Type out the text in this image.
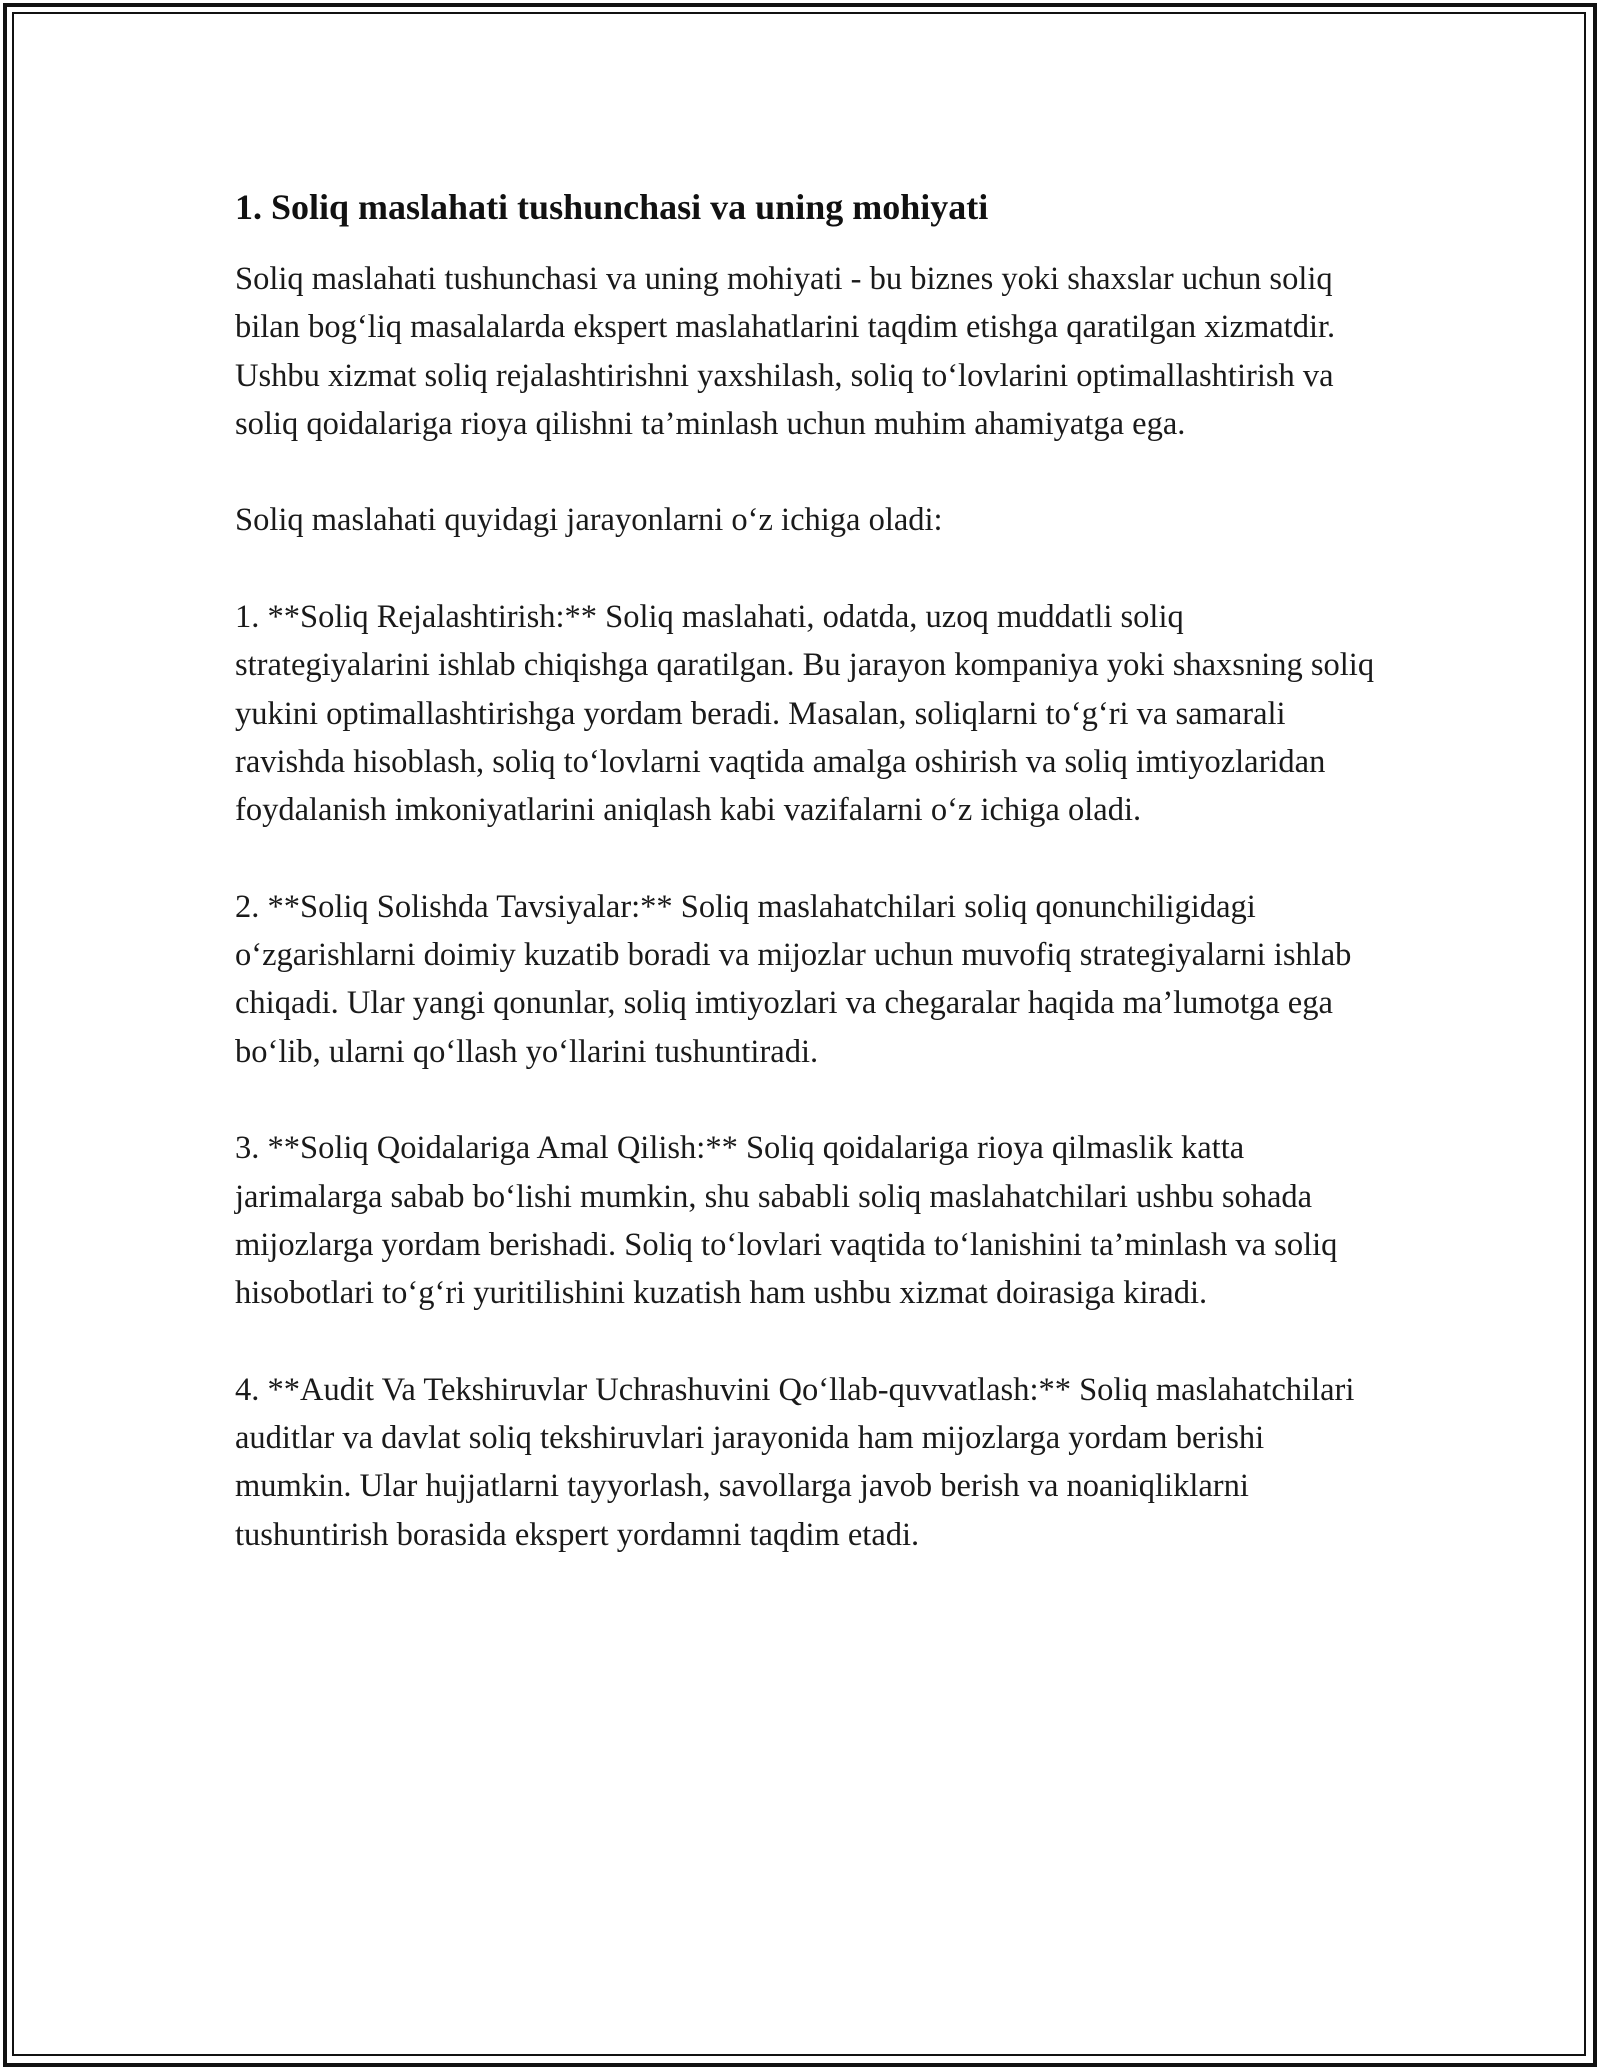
1. Soliq maslahati tushunchasi va uning mohiyati

Soliq maslahati tushunchasi va uning mohiyati - bu biznes yoki shaxslar uchun soliq bilan bog‘liq masalalarda ekspert maslahatlarini taqdim etishga qaratilgan xizmatdir. Ushbu xizmat soliq rejalashtirishni yaxshilash, soliq to‘lovlarini optimallashtirish va soliq qoidalariga rioya qilishni ta’minlash uchun muhim ahamiyatga ega.

Soliq maslahati quyidagi jarayonlarni o‘z ichiga oladi:

1. **Soliq Rejalashtirish:** Soliq maslahati, odatda, uzoq muddatli soliq strategiyalarini ishlab chiqishga qaratilgan. Bu jarayon kompaniya yoki shaxsning soliq yukini optimallashtirishga yordam beradi. Masalan, soliqlarni to‘g‘ri va samarali ravishda hisoblash, soliq to‘lovlarni vaqtida amalga oshirish va soliq imtiyozlaridan foydalanish imkoniyatlarini aniqlash kabi vazifalarni o‘z ichiga oladi.

2. **Soliq Solishda Tavsiyalar:** Soliq maslahatchilari soliq qonunchiligidagi o‘zgarishlarni doimiy kuzatib boradi va mijozlar uchun muvofiq strategiyalarni ishlab chiqadi. Ular yangi qonunlar, soliq imtiyozlari va chegaralar haqida ma’lumotga ega bo‘lib, ularni qo‘llash yo‘llarini tushuntiradi.

3. **Soliq Qoidalariga Amal Qilish:** Soliq qoidalariga rioya qilmaslik katta jarimalarga sabab bo‘lishi mumkin, shu sababli soliq maslahatchilari ushbu sohada mijozlarga yordam berishadi. Soliq to‘lovlari vaqtida to‘lanishini ta’minlash va soliq hisobotlari to‘g‘ri yuritilishini kuzatish ham ushbu xizmat doirasiga kiradi.

4. **Audit Va Tekshiruvlar Uchrashuvini Qo‘llab-quvvatlash:** Soliq maslahatchilari auditlar va davlat soliq tekshiruvlari jarayonida ham mijozlarga yordam berishi mumkin. Ular hujjatlarni tayyorlash, savollarga javob berish va noaniqliklarni tushuntirish borasida ekspert yordamni taqdim etadi.
